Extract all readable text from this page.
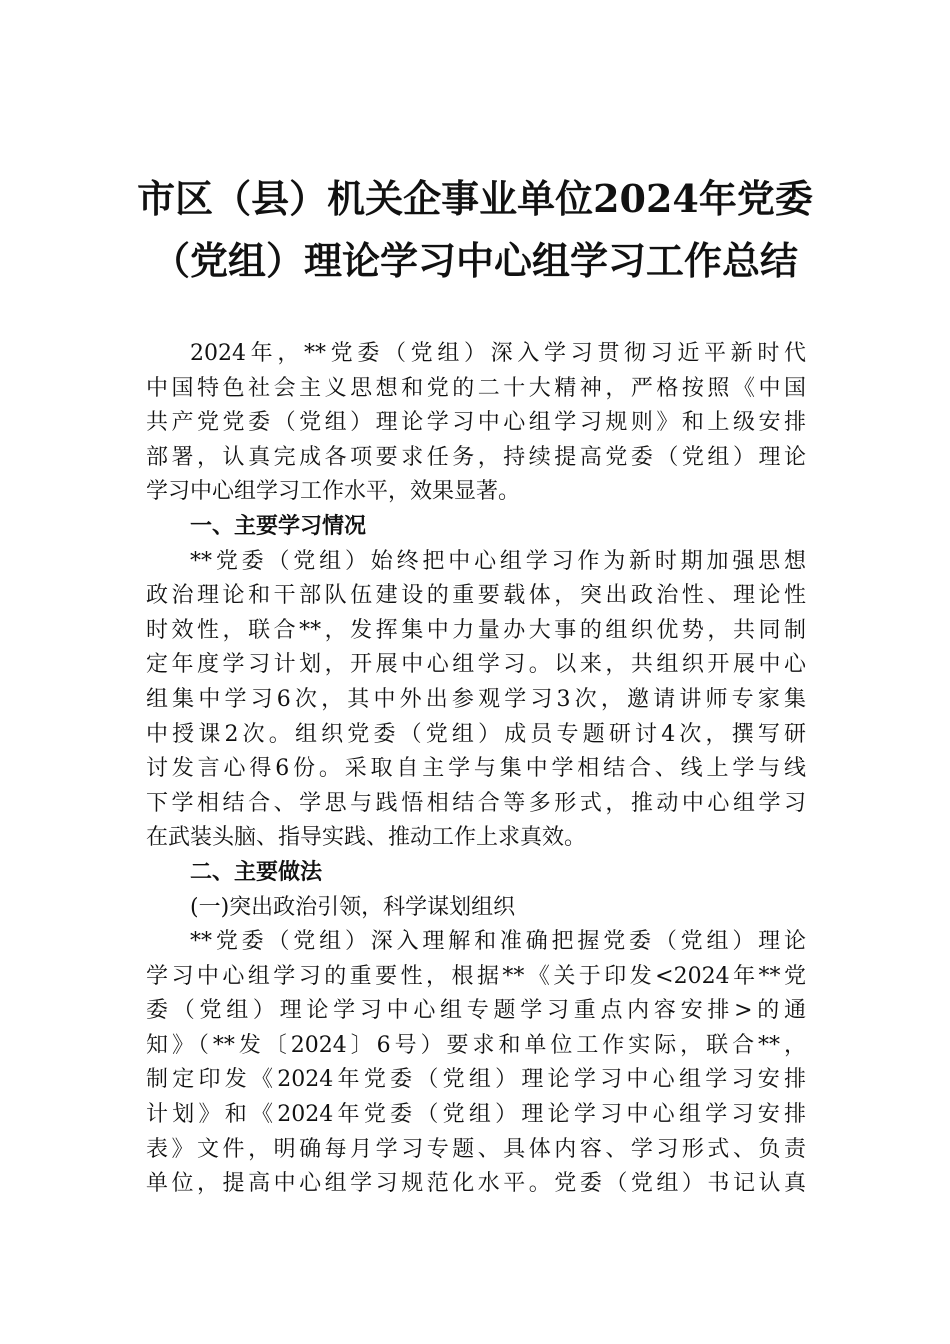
市区（县）机关企事业单位2024年党委
（党组）理论学习中心组学习工作总结
2024年，**党委（党组）深入学习贯彻习近平新时代
中国特色社会主义思想和党的二十大精神，严格按照《中国
共产党党委（党组）理论学习中心组学习规则》和上级安排
部署，认真完成各项要求任务，持续提高党委（党组）理论
学习中心组学习工作水平，效果显著。
一、主要学习情况
**党委（党组）始终把中心组学习作为新时期加强思想
政治理论和干部队伍建设的重要载体，突出政治性、理论性
时效性，联合**，发挥集中力量办大事的组织优势，共同制
定年度学习计划，开展中心组学习。以来，共组织开展中心
组集中学习6次，其中外出参观学习3次，邀请讲师专家集
中授课2次。组织党委（党组）成员专题研讨4次，撰写研
讨发言心得6份。采取自主学与集中学相结合、线上学与线
下学相结合、学思与践悟相结合等多形式，推动中心组学习
在武装头脑、指导实践、推动工作上求真效。
二、主要做法
(一)突出政治引领，科学谋划组织
**党委（党组）深入理解和准确把握党委（党组）理论
学习中心组学习的重要性，根据**《关于印发<2024年**党
委（党组）理论学习中心组专题学习重点内容安排>的通
知》（**发〔2024〕6号）要求和单位工作实际，联合**，
制定印发《2024年党委（党组）理论学习中心组学习安排
计划》和《2024年党委（党组）理论学习中心组学习安排
表》文件，明确每月学习专题、具体内容、学习形式、负责
单位，提高中心组学习规范化水平。党委（党组）书记认真
